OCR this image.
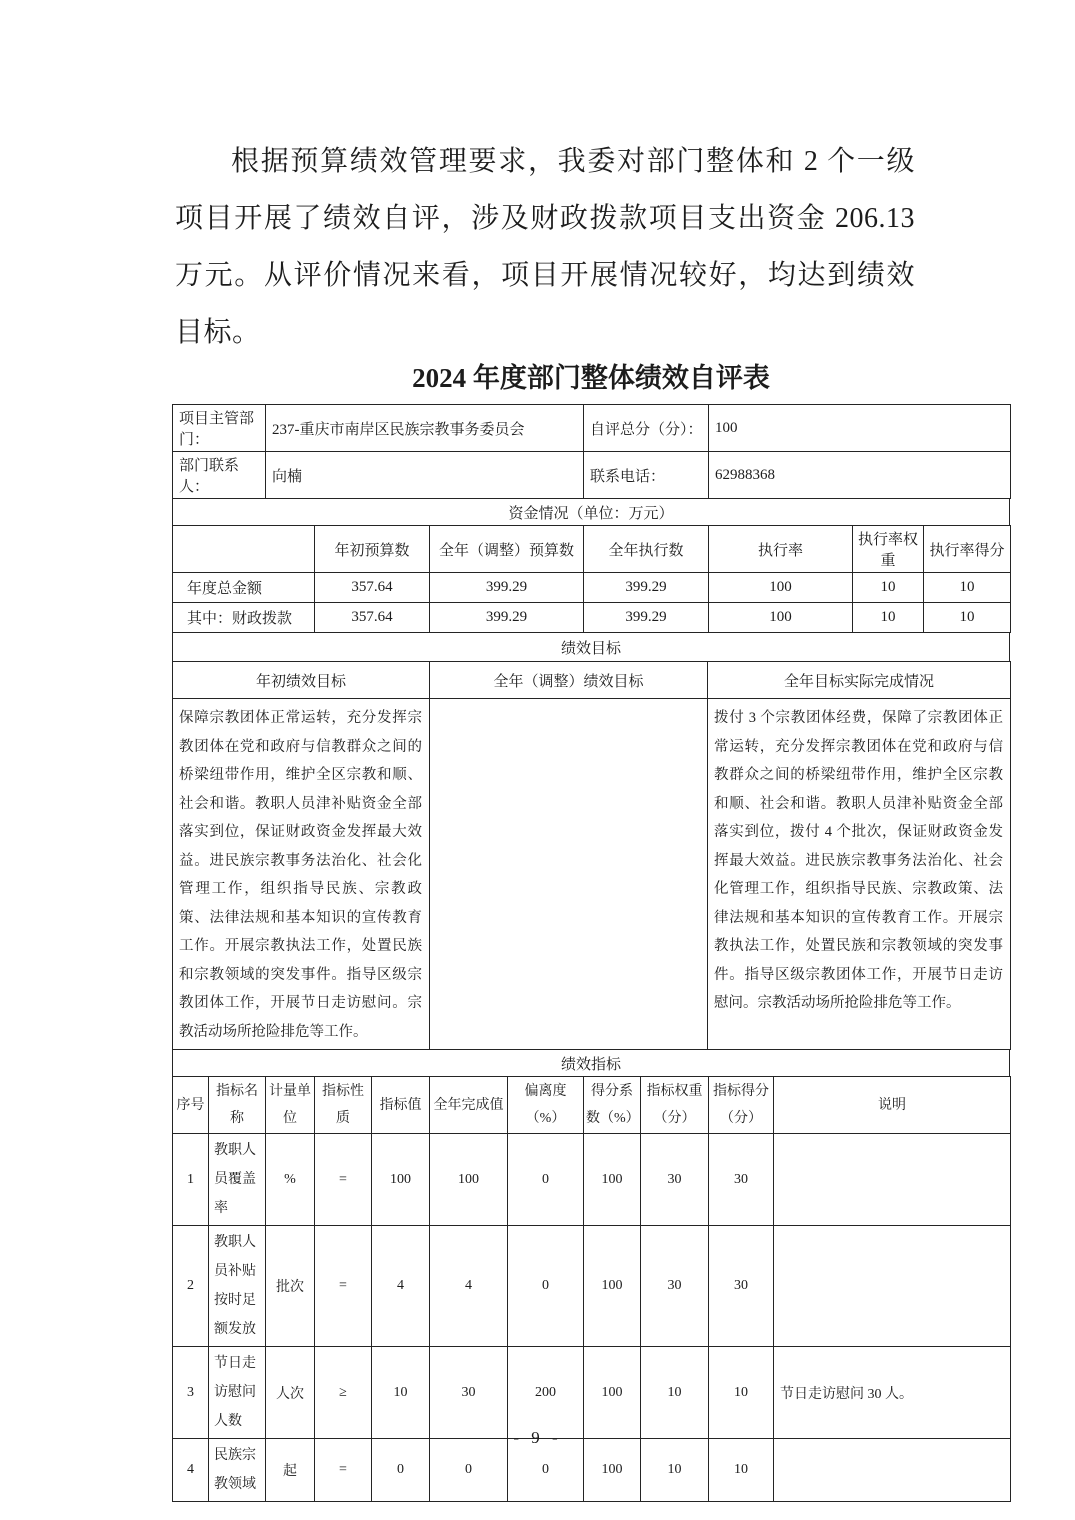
根据预算绩效管理要求，我委对部门整体和 2 个一级项目开展了绩效自评，涉及财政拨款项目支出资金 206.13 万元。从评价情况来看，项目开展情况较好，均达到绩效目标。

2024 年度部门整体绩效自评表
项目主管部门：	237-重庆市南岸区民族宗教事务委员会	自评总分（分）：	100
部门联系人：	向楠	联系电话：	62988368
资金情况（单位：万元）
	年初预算数	全年（调整）预算数	全年执行数	执行率	执行率权重	执行率得分
年度总金额	357.64	399.29	399.29	100	10	10
其中：财政拨款	357.64	399.29	399.29	100	10	10
绩效目标
年初绩效目标	全年（调整）绩效目标	全年目标实际完成情况
保障宗教团体正常运转，充分发挥宗教团体在党和政府与信教群众之间的桥梁纽带作用，维护全区宗教和顺、社会和谐。教职人员津补贴资金全部落实到位，保证财政资金发挥最大效益。进民族宗教事务法治化、社会化管理工作，组织指导民族、宗教政策、法律法规和基本知识的宣传教育工作。开展宗教执法工作，处置民族和宗教领域的突发事件。指导区级宗教团体工作，开展节日走访慰问。宗教活动场所抢险排危等工作。		拨付 3 个宗教团体经费，保障了宗教团体正常运转，充分发挥宗教团体在党和政府与信教群众之间的桥梁纽带作用，维护全区宗教和顺、社会和谐。教职人员津补贴资金全部落实到位，拨付 4 个批次，保证财政资金发挥最大效益。进民族宗教事务法治化、社会化管理工作，组织指导民族、宗教政策、法律法规和基本知识的宣传教育工作。开展宗教执法工作，处置民族和宗教领域的突发事件。指导区级宗教团体工作，开展节日走访慰问。宗教活动场所抢险排危等工作。
绩效指标
序号	指标名称	计量单位	指标性质	指标值	全年完成值	偏离度（%）	得分系数（%）	指标权重（分）	指标得分（分）	说明
1	教职人员覆盖率	%	=	100	100	0	100	30	30	
2	教职人员补贴按时足额发放	批次	=	4	4	0	100	30	30	
3	节日走访慰问人数	人次	≥	10	30	200	100	10	10	节日走访慰问 30 人。
4	民族宗教领域	起	=	0	0	0	100	10	10	
- 9 -
